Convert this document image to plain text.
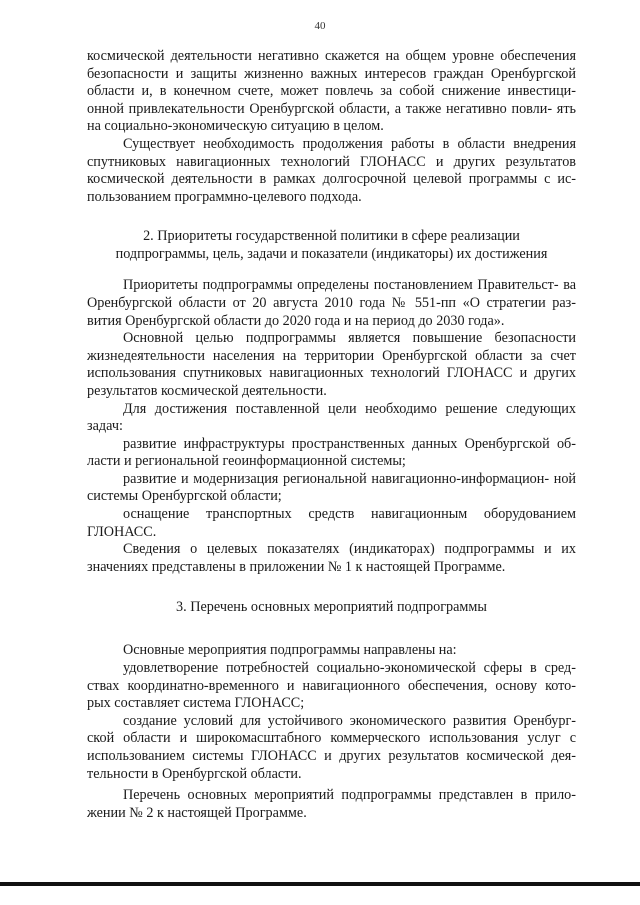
40

космической деятельности негативно скажется на общем уровне обеспечения безопасности и защиты жизненно важных интересов граждан Оренбургской области и, в конечном счете, может повлечь за собой снижение инвестици- онной привлекательности Оренбургской области, а также негативно повли- ять на социально-экономическую ситуацию в целом.

Существует необходимость продолжения работы в области внедрения спутниковых навигационных технологий ГЛОНАСС и других результатов космической деятельности в рамках долгосрочной целевой программы с ис- пользованием программно-целевого подхода.

2. Приоритеты государственной политики в сфере реализации
подпрограммы, цель, задачи и показатели (индикаторы) их достижения

Приоритеты подпрограммы определены постановлением Правительст- ва Оренбургской области от 20 августа 2010 года № 551-пп «О стратегии раз- вития Оренбургской области до 2020 года и на период до 2030 года».

Основной целью подпрограммы является повышение безопасности жизнедеятельности населения на территории Оренбургской области за счет использования спутниковых навигационных технологий ГЛОНАСС и других результатов космической деятельности.

Для достижения поставленной цели необходимо решение следующих задач:

развитие инфраструктуры пространственных данных Оренбургской об- ласти и региональной геоинформационной системы;

развитие и модернизация региональной навигационно-информацион- ной системы Оренбургской области;

оснащение транспортных средств навигационным оборудованием ГЛОНАСС.

Сведения о целевых показателях (индикаторах) подпрограммы и их значениях представлены в приложении № 1 к настоящей Программе.

3. Перечень основных мероприятий подпрограммы

Основные мероприятия подпрограммы направлены на:

удовлетворение потребностей социально-экономической сферы в сред- ствах координатно-временного и навигационного обеспечения, основу кото- рых составляет система ГЛОНАСС;

создание условий для устойчивого экономического развития Оренбург- ской области и широкомасштабного коммерческого использования услуг с использованием системы ГЛОНАСС и других результатов космической дея- тельности в Оренбургской области.

Перечень основных мероприятий подпрограммы представлен в прило- жении № 2 к настоящей Программе.
